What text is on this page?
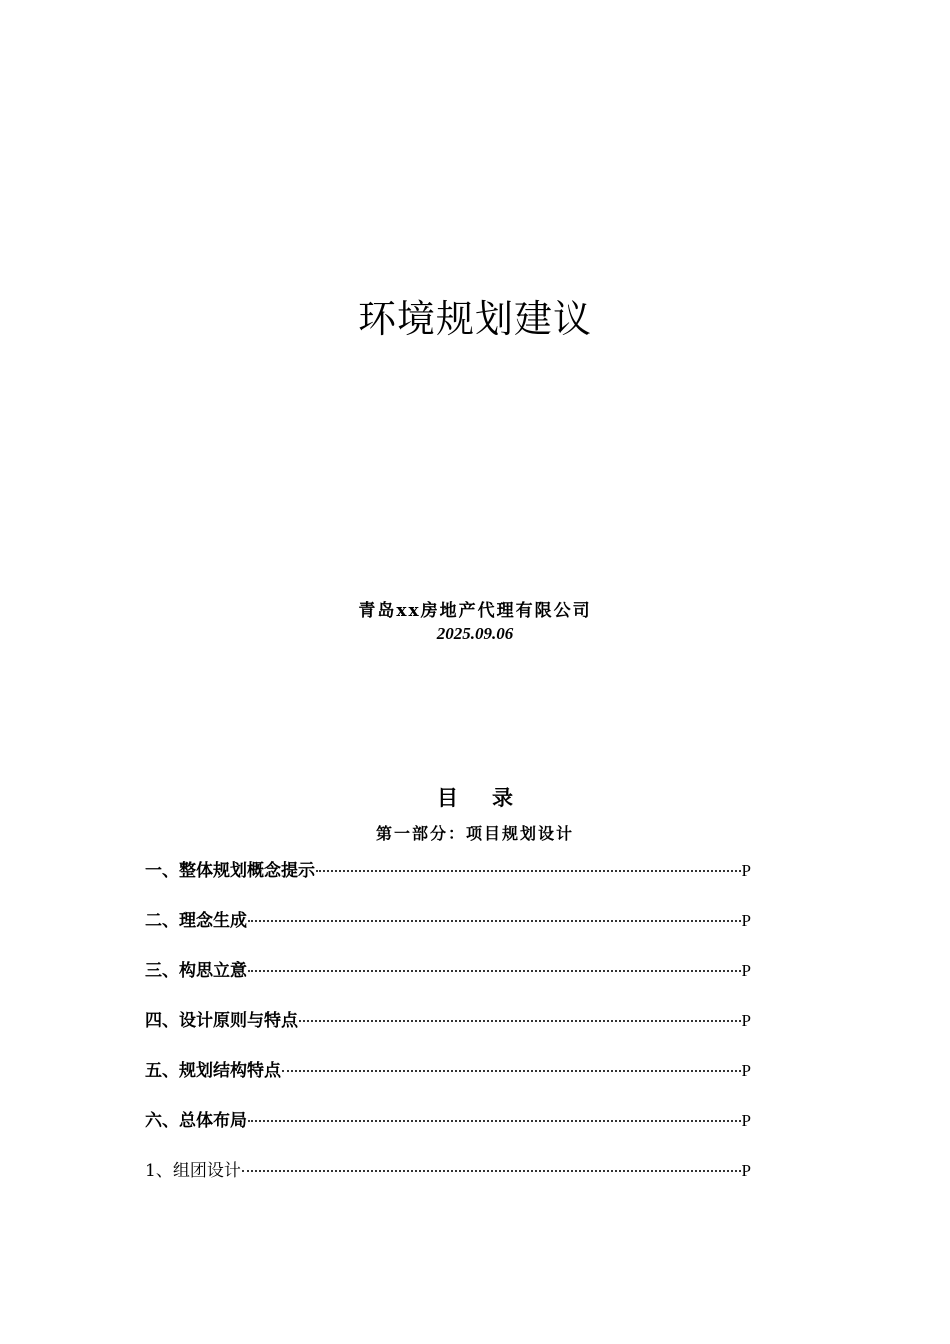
环境规划建议
青岛xx房地产代理有限公司
2025.09.06
目 录
第一部分：项目规划设计
一、整体规划概念提示	P
二、理念生成	P
三、构思立意	P
四、设计原则与特点	P
五、规划结构特点	P
六、总体布局	P
1、组团设计	P
